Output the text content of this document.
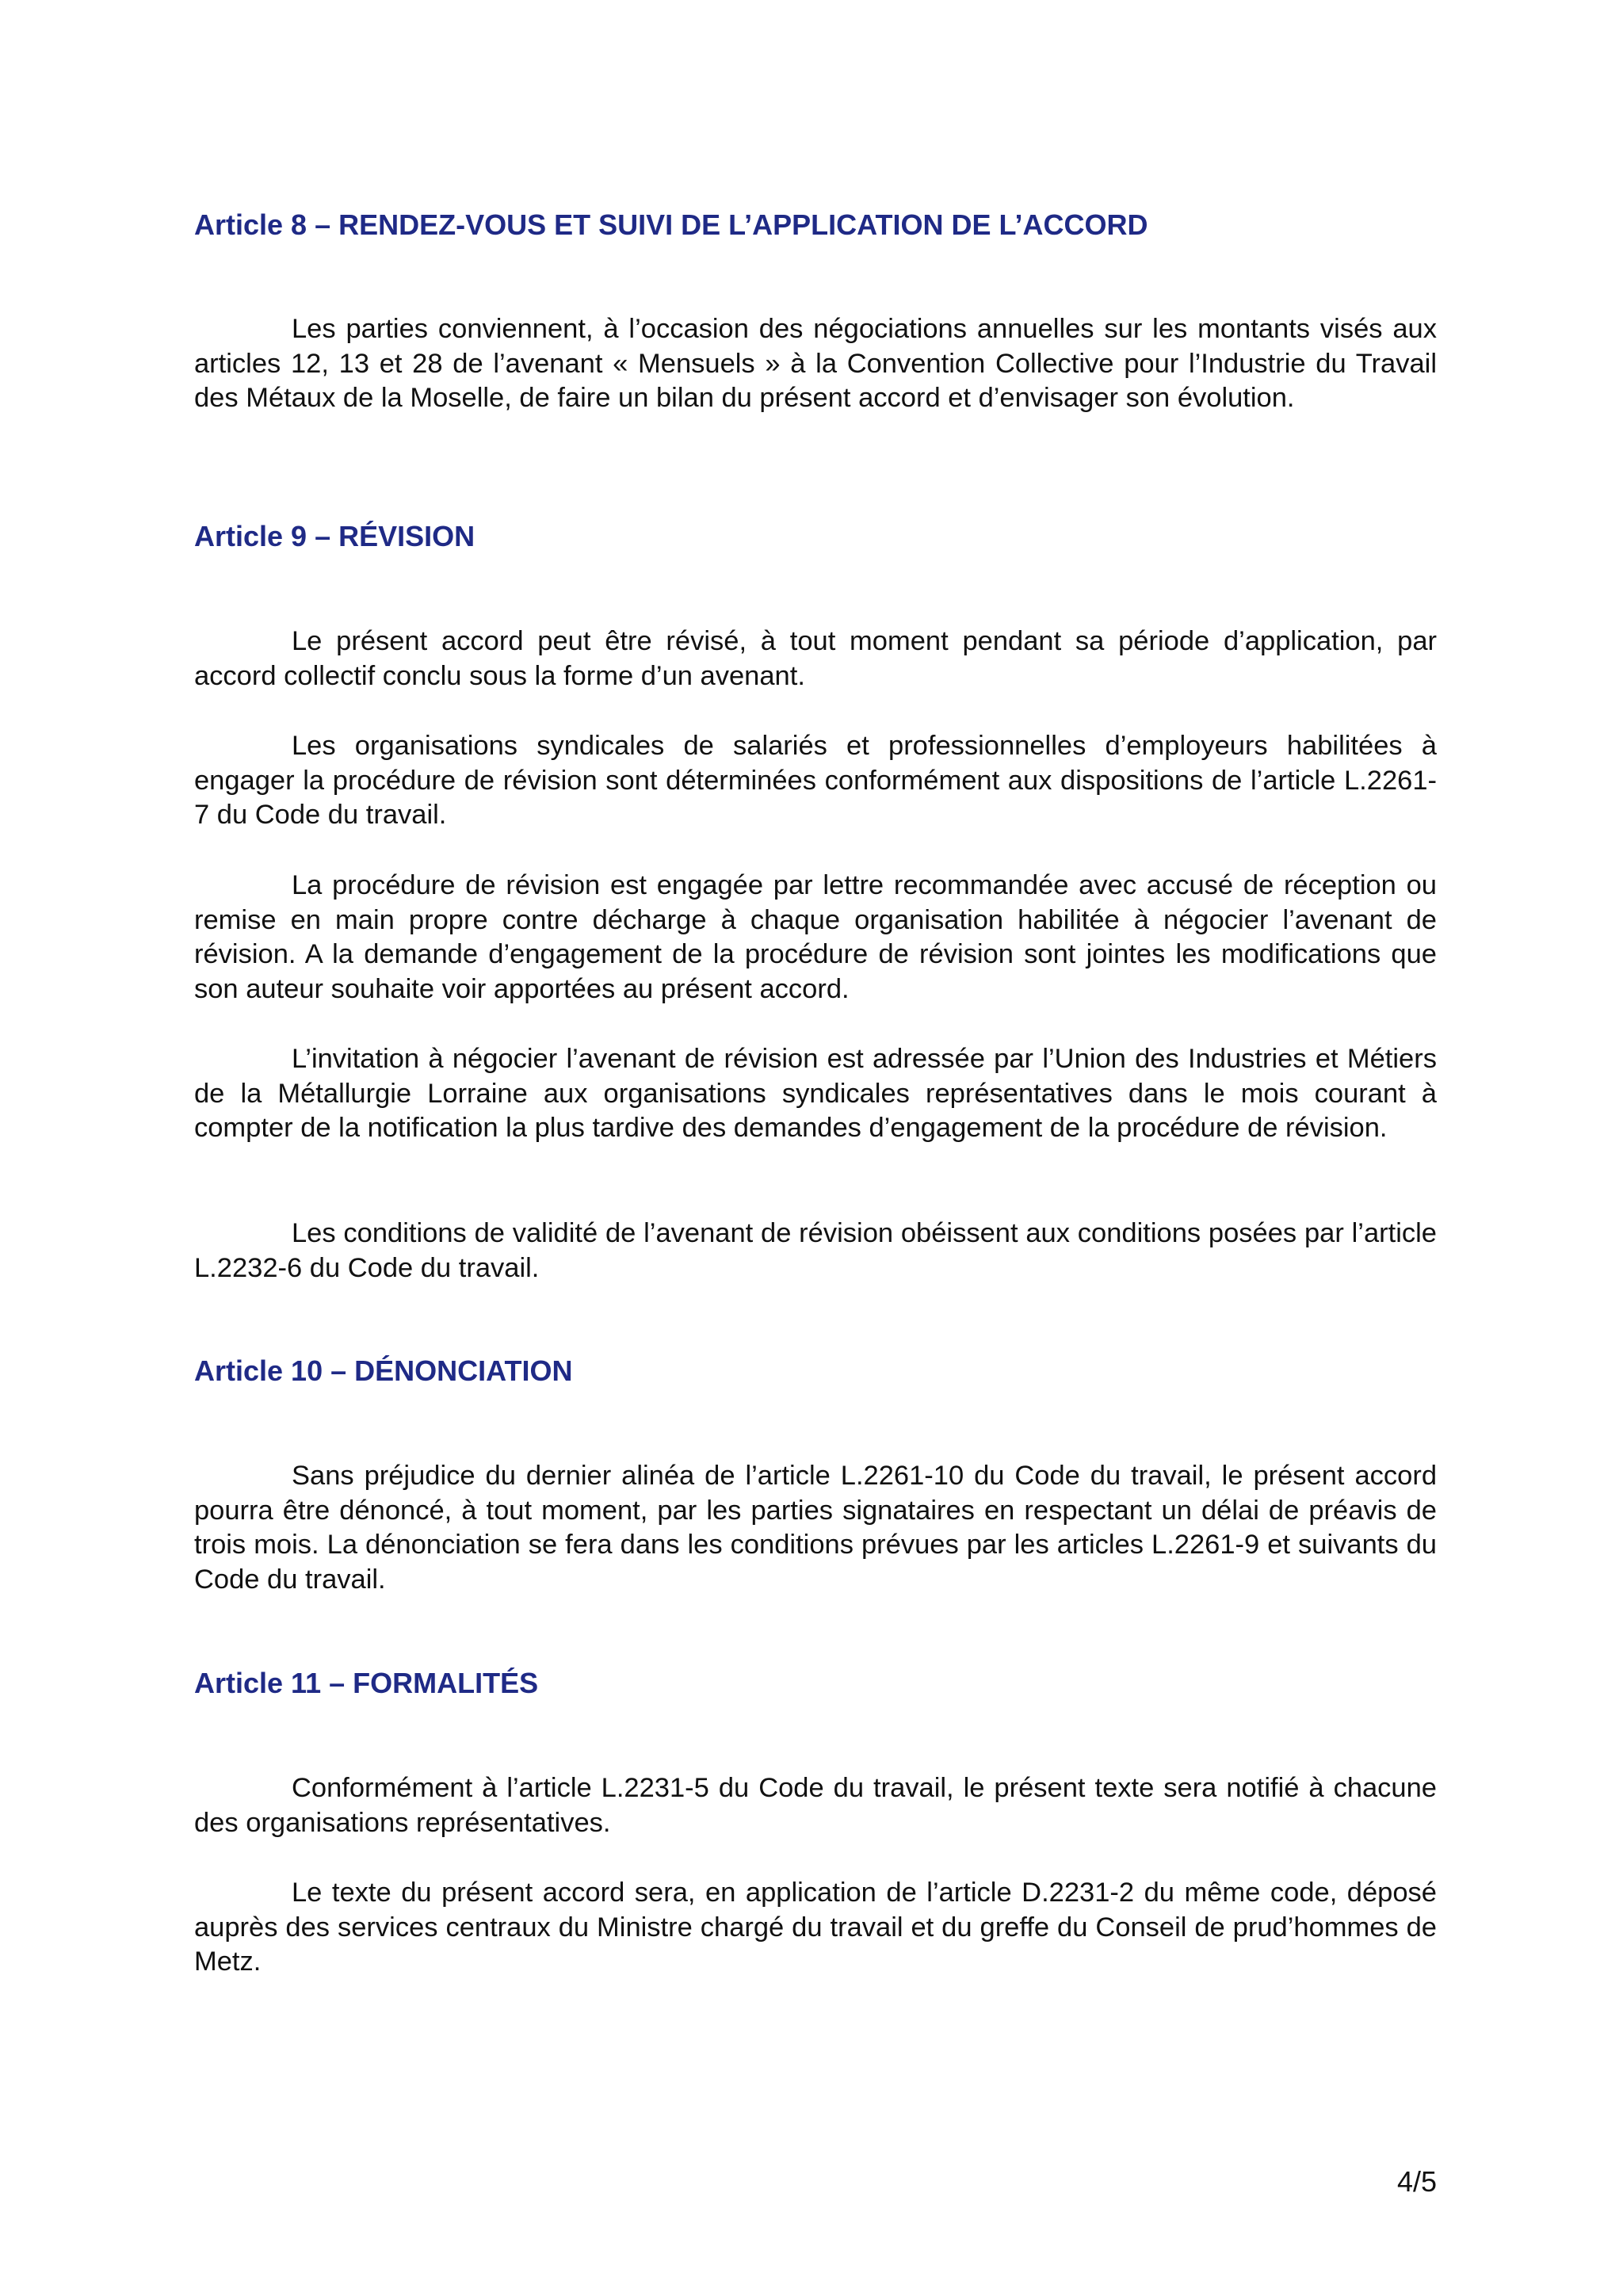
Article 8 – RENDEZ-VOUS ET SUIVI DE L’APPLICATION DE L’ACCORD

Les parties conviennent, à l’occasion des négociations annuelles sur les montants visés aux articles 12, 13 et 28 de l’avenant « Mensuels » à la Convention Collective pour l’Industrie du Travail des Métaux de la Moselle, de faire un bilan du présent accord et d’envisager son évolution.

Article 9 – RÉVISION

Le présent accord peut être révisé, à tout moment pendant sa période d’application, par accord collectif conclu sous la forme d’un avenant.

Les organisations syndicales de salariés et professionnelles d’employeurs habilitées à engager la procédure de révision sont déterminées conformément aux dispositions de l’article L.2261-7 du Code du travail.

La procédure de révision est engagée par lettre recommandée avec accusé de réception ou remise en main propre contre décharge à chaque organisation habilitée à négocier l’avenant de révision. A la demande d’engagement de la procédure de révision sont jointes les modifications que son auteur souhaite voir apportées au présent accord.

L’invitation à négocier l’avenant de révision est adressée par l’Union des Industries et Métiers de la Métallurgie Lorraine aux organisations syndicales représentatives dans le mois courant à compter de la notification la plus tardive des demandes d’engagement de la procédure de révision.

Les conditions de validité de l’avenant de révision obéissent aux conditions posées par l’article L.2232-6 du Code du travail.

Article 10 – DÉNONCIATION

Sans préjudice du dernier alinéa de l’article L.2261-10 du Code du travail, le présent accord pourra être dénoncé, à tout moment, par les parties signataires en respectant un délai de préavis de trois mois. La dénonciation se fera dans les conditions prévues par les articles L.2261-9 et suivants du Code du travail.

Article 11 – FORMALITÉS

Conformément à l’article L.2231-5 du Code du travail, le présent texte sera notifié à chacune des organisations représentatives.

Le texte du présent accord sera, en application de l’article D.2231-2 du même code, déposé auprès des services centraux du Ministre chargé du travail et du greffe du Conseil de prud’hommes de Metz.

4/5
